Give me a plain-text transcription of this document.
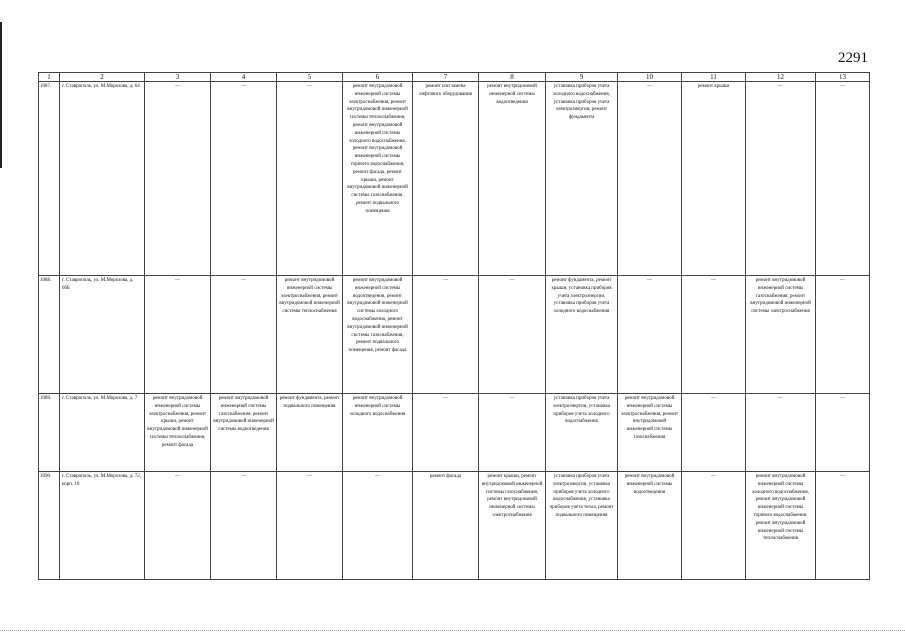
2291
1	2	3	4	5	6	7	8	9	10	11	12	13
1087.	г. Ставрополь, ул. М.Морозова, д. 64	—	—	—	ремонт внутридомовой инженерной системы электроснабжения, ремонт внутридомовой инженерной системы теплоснабжения, ремонт внутридомовой инженерной системы холодного водоснабжения, ремонт внутридомовой инженерной системы горячего водоснабжения, ремонт фасада, ремонт крыши, ремонт внутридомовой инженерной системы газоснабжения, ремонт подвального помещения	ремонт или замена лифтового оборудования	ремонт внутридомовой инженерной системы водоотведения	установка приборов учета холодного водоснабжения, установка приборов учета электроэнергии, ремонт фундамента	—	ремонт крыши	—	—
1088.	г. Ставрополь, ул. М.Морозова, д. 66Б	—	—	ремонт внутридомовой инженерной системы электроснабжения, ремонт внутридомовой инженерной системы теплоснабжения	ремонт внутридомовой инженерной системы водоотведения, ремонт внутридомовой инженерной системы холодного водоснабжения, ремонт внутридомовой инженерной системы газоснабжения, ремонт подвального помещения, ремонт фасада	—	—	ремонт фундамента, ремонт крыши, установка приборов учета электроэнергии, установка приборов учета холодного водоснабжения	—	—	ремонт внутридомовой инженерной системы газоснабжения, ремонт внутридомовой инженерной системы электроснабжения	—
1089.	г. Ставрополь, ул. М.Морозова, д. 7	ремонт внутридомовой инженерной системы электроснабжения, ремонт крыши, ремонт внутридомовой инженерной системы теплоснабжения, ремонт фасада	ремонт внутридомовой инженерной системы газоснабжения, ремонт внутридомовой инженерной системы водоотведения	ремонт фундамента, ремонт подвального помещения	ремонт внутридомовой инженерной системы холодного водоснабжения	—	—	установка приборов учета электроэнергии, установка приборов учета холодного водоснабжения	ремонт внутридомовой инженерной системы электроснабжения, ремонт внутридомовой инженерной системы газоснабжения	—	—	—
1090.	г. Ставрополь, ул. М.Морозова, д. 72, корп. 10	—	—	—	—	ремонт фасада	ремонт крыши, ремонт внутридомовой инженерной системы газоснабжения, ремонт внутридомовой инженерной системы электроснабжения	установка приборов учета электроэнергии, установка приборов учета холодного водоснабжения, установка приборов учета тепла, ремонт подвального помещения	ремонт внутридомовой инженерной системы водоотведения	—	ремонт внутридомовой инженерной системы холодного водоснабжения, ремонт внутридомовой инженерной системы горячего водоснабжения, ремонт внутридомовой инженерной системы теплоснабжения	—
